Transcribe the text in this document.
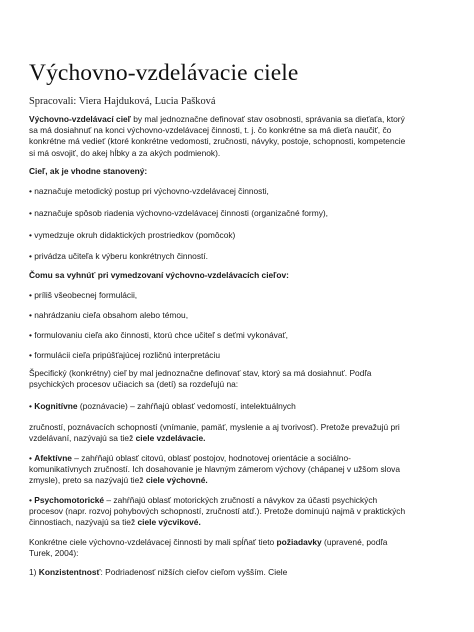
Výchovno-vzdelávacie ciele
Spracovali: Viera Hajduková, Lucia Pašková
Výchovno-vzdelávací cieľ by mal jednoznačne definovať stav osobnosti, správania sa dieťaťa, ktorý
sa má dosiahnuť na konci výchovno-vzdelávacej činnosti, t. j. čo konkrétne sa má dieťa naučiť, čo
konkrétne má vedieť (ktoré konkrétne vedomosti, zručnosti, návyky, postoje, schopnosti, kompetencie
si má osvojiť, do akej hĺbky a za akých podmienok).
Cieľ, ak je vhodne stanovený:
• naznačuje metodický postup pri výchovno-vzdelávacej činnosti,
• naznačuje spôsob riadenia výchovno-vzdelávacej činnosti (organizačné formy),
• vymedzuje okruh didaktických prostriedkov (pomôcok)
• privádza učiteľa k výberu konkrétnych činností.
Čomu sa vyhnúť pri vymedzovaní výchovno-vzdelávacích cieľov:
• príliš všeobecnej formulácii,
• nahrádzaniu cieľa obsahom alebo témou,
• formulovaniu cieľa ako činnosti, ktorú chce učiteľ s deťmi vykonávať,
• formulácii cieľa pripúšťajúcej rozličnú interpretáciu
Špecifický (konkrétny) cieľ by mal jednoznačne definovať stav, ktorý sa má dosiahnuť. Podľa
psychických procesov učiacich sa (detí) sa rozdeľujú na:
• Kognitívne (poznávacie) – zahŕňajú oblasť vedomostí, intelektuálnych
zručností, poznávacích schopností (vnímanie, pamäť, myslenie a aj tvorivosť). Pretože prevažujú pri
vzdelávaní, nazývajú sa tiež ciele vzdelávacie.
• Afektívne – zahŕňajú oblasť citovú, oblasť postojov, hodnotovej orientácie a sociálno-
komunikatívnych zručností. Ich dosahovanie je hlavným zámerom výchovy (chápanej v užšom slova
zmysle), preto sa nazývajú tiež ciele výchovné.
• Psychomotorické – zahŕňajú oblasť motorických zručností a návykov za účasti psychických
procesov (napr. rozvoj pohybových schopností, zručností atď.). Pretože dominujú najmä v praktických
činnostiach, nazývajú sa tiež ciele výcvikové.
Konkrétne ciele výchovno-vzdelávacej činnosti by mali spĺňať tieto požiadavky (upravené, podľa
Turek, 2004):
1) Konzistentnosť: Podriadenosť nižších cieľov cieľom vyšším. Ciele
